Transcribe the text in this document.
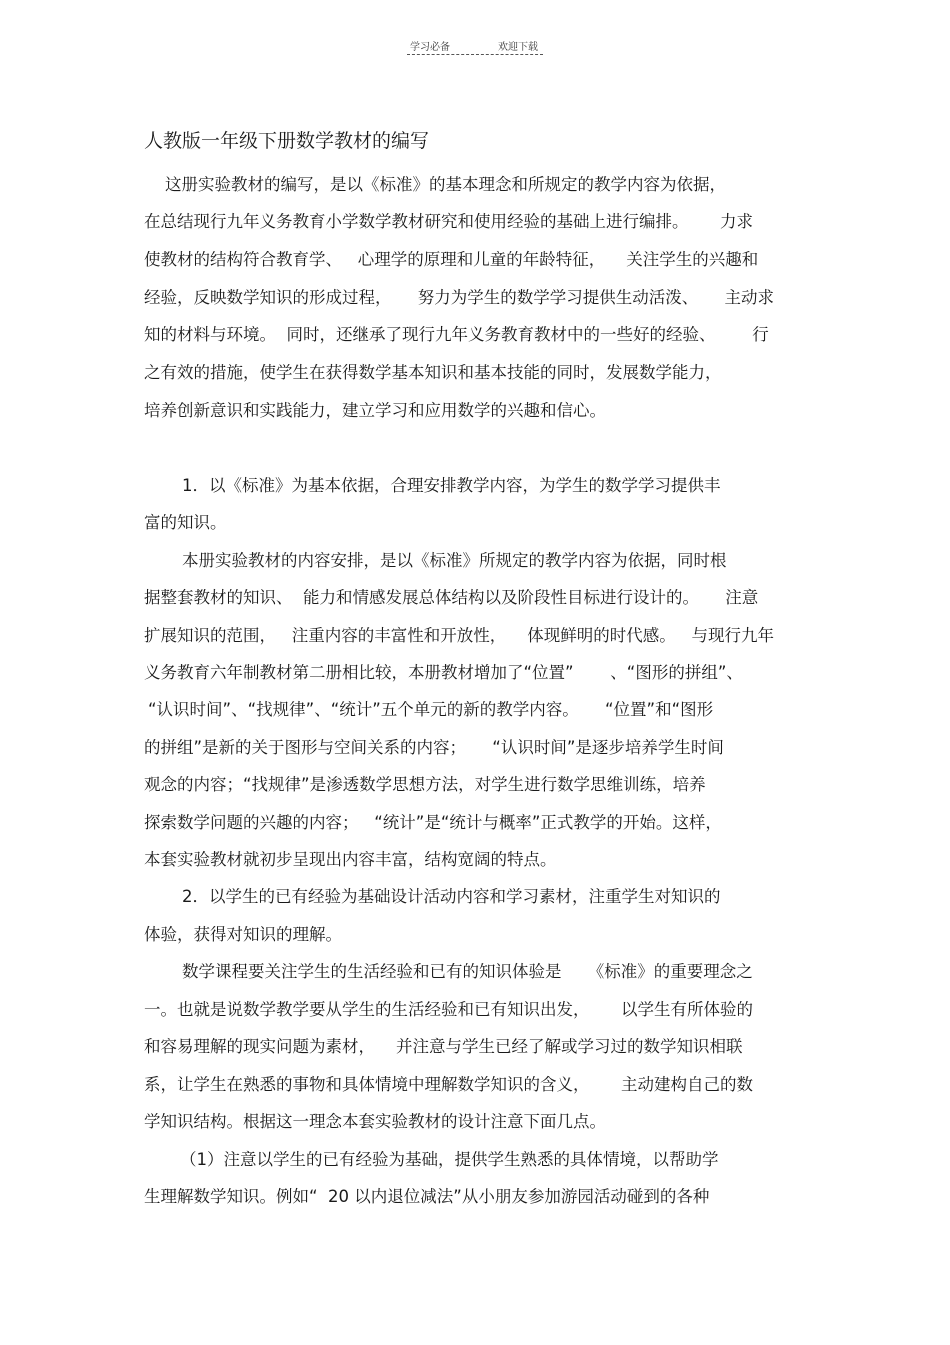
学习必备	欢迎下载
人教版一年级下册数学教材的编写
这册实验教材的编写，是以《标准》的基本理念和所规定的教学内容为依据，
在总结现行九年义务教育小学数学教材研究和使用经验的基础上进行编排。      力求
使教材的结构符合教育学、   心理学的原理和儿童的年龄特征，    关注学生的兴趣和
经验，反映数学知识的形成过程，     努力为学生的数学学习提供生动活泼、     主动求
知的材料与环境。  同时，还继承了现行九年义务教育教材中的一些好的经验、       行
之有效的措施，使学生在获得数学基本知识和基本技能的同时，发展数学能力，
培养创新意识和实践能力，建立学习和应用数学的兴趣和信心。
1．以《标准》为基本依据，合理安排教学内容，为学生的数学学习提供丰
富的知识。
本册实验教材的内容安排，是以《标准》所规定的教学内容为依据，同时根
据整套教材的知识、  能力和情感发展总体结构以及阶段性目标进行设计的。     注意
扩展知识的范围，   注重内容的丰富性和开放性，    体现鲜明的时代感。   与现行九年
义务教育六年制教材第二册相比较，本册教材增加了“位置”       、“图形的拼组”、
“认识时间”、“找规律”、“统计”五个单元的新的教学内容。     “位置”和“图形
的拼组”是新的关于图形与空间关系的内容；     “认识时间”是逐步培养学生时间
观念的内容；“找规律”是渗透数学思想方法，对学生进行数学思维训练，培养
探索数学问题的兴趣的内容；   “统计”是“统计与概率”正式教学的开始。这样，
本套实验教材就初步呈现出内容丰富，结构宽阔的特点。
2．以学生的已有经验为基础设计活动内容和学习素材，注重学生对知识的
体验，获得对知识的理解。
数学课程要关注学生的生活经验和已有的知识体验是     《标准》的重要理念之
一。也就是说数学教学要从学生的生活经验和已有知识出发，      以学生有所体验的
和容易理解的现实问题为素材，    并注意与学生已经了解或学习过的数学知识相联
系，让学生在熟悉的事物和具体情境中理解数学知识的含义，      主动建构自己的数
学知识结构。根据这一理念本套实验教材的设计注意下面几点。
（1）注意以学生的已有经验为基础，提供学生熟悉的具体情境，以帮助学
生理解数学知识。例如“  20 以内退位减法”从小朋友参加游园活动碰到的各种
